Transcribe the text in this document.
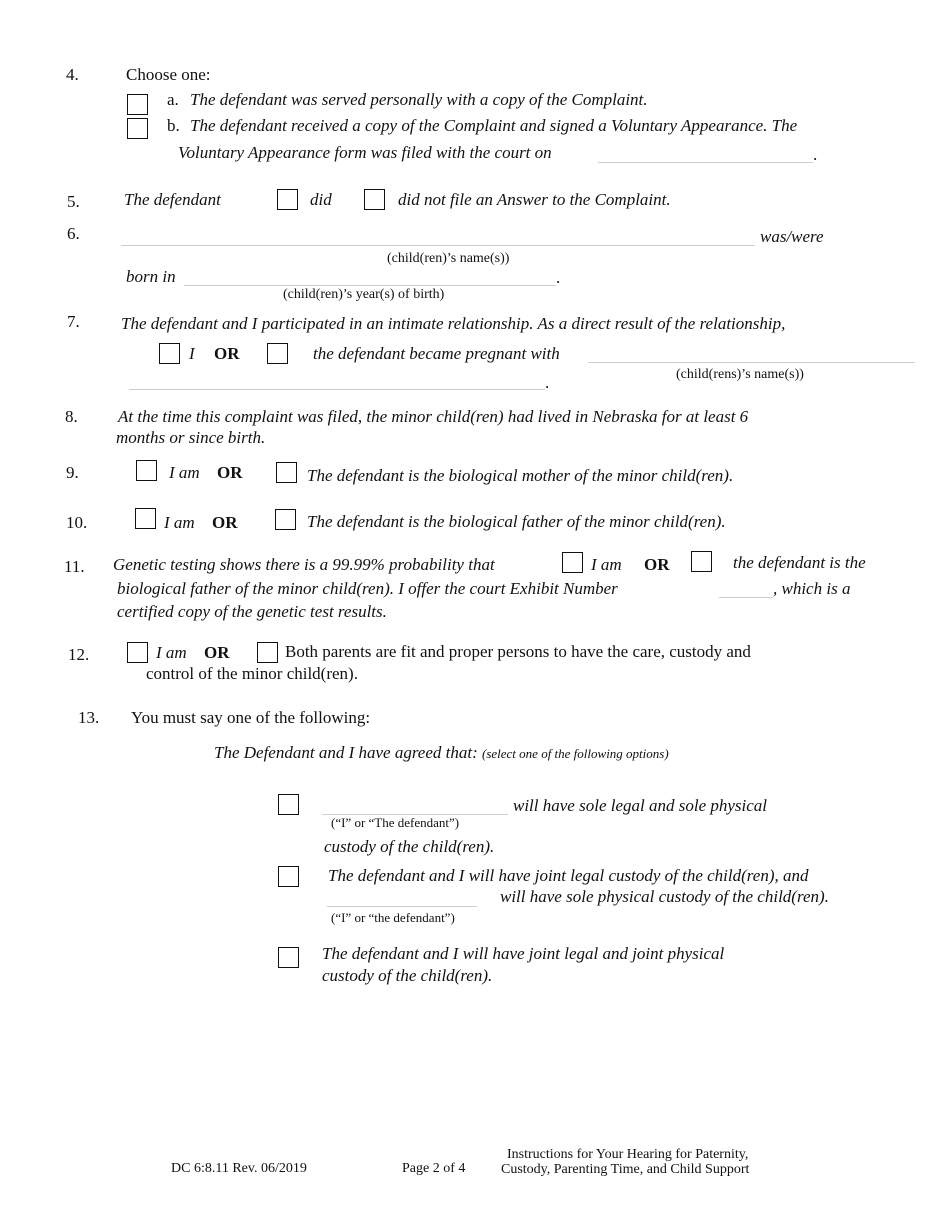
4.	Choose one:
a. The defendant was served personally with a copy of the Complaint.
b. The defendant received a copy of the Complaint and signed a Voluntary Appearance. The
Voluntary Appearance form was filed with the court on	.
5.	The defendant	did	did not file an Answer to the Complaint.
6.	was/were
(child(ren)’s name(s))
born in	.
(child(ren)’s year(s) of birth)
7. The defendant and I participated in an intimate relationship. As a direct result of the relationship,
I OR	the defendant became pregnant with
(child(rens)’s name(s))
.
8. At the time this complaint was filed, the minor child(ren) had lived in Nebraska for at least 6
months or since birth.
9.	I am OR	The defendant is the biological mother of the minor child(ren).
10.	I am OR	The defendant is the biological father of the minor child(ren).
11. Genetic testing shows there is a 99.99% probability that	I am OR	the defendant is the
biological father of the minor child(ren). I offer the court Exhibit Number	, which is a
certified copy of the genetic test results.
12.	I am OR	Both parents are fit and proper persons to have the care, custody and
control of the minor child(ren).
13. You must say one of the following:
The Defendant and I have agreed that: (select one of the following options)
will have sole legal and sole physical
(“I” or “The defendant”)
custody of the child(ren).
The defendant and I will have joint legal custody of the child(ren), and
will have sole physical custody of the child(ren).
(“I” or “the defendant”)
The defendant and I will have joint legal and joint physical
custody of the child(ren).
DC 6:8.11 Rev. 06/2019	Page 2 of 4
Instructions for Your Hearing for Paternity,
Custody, Parenting Time, and Child Support
